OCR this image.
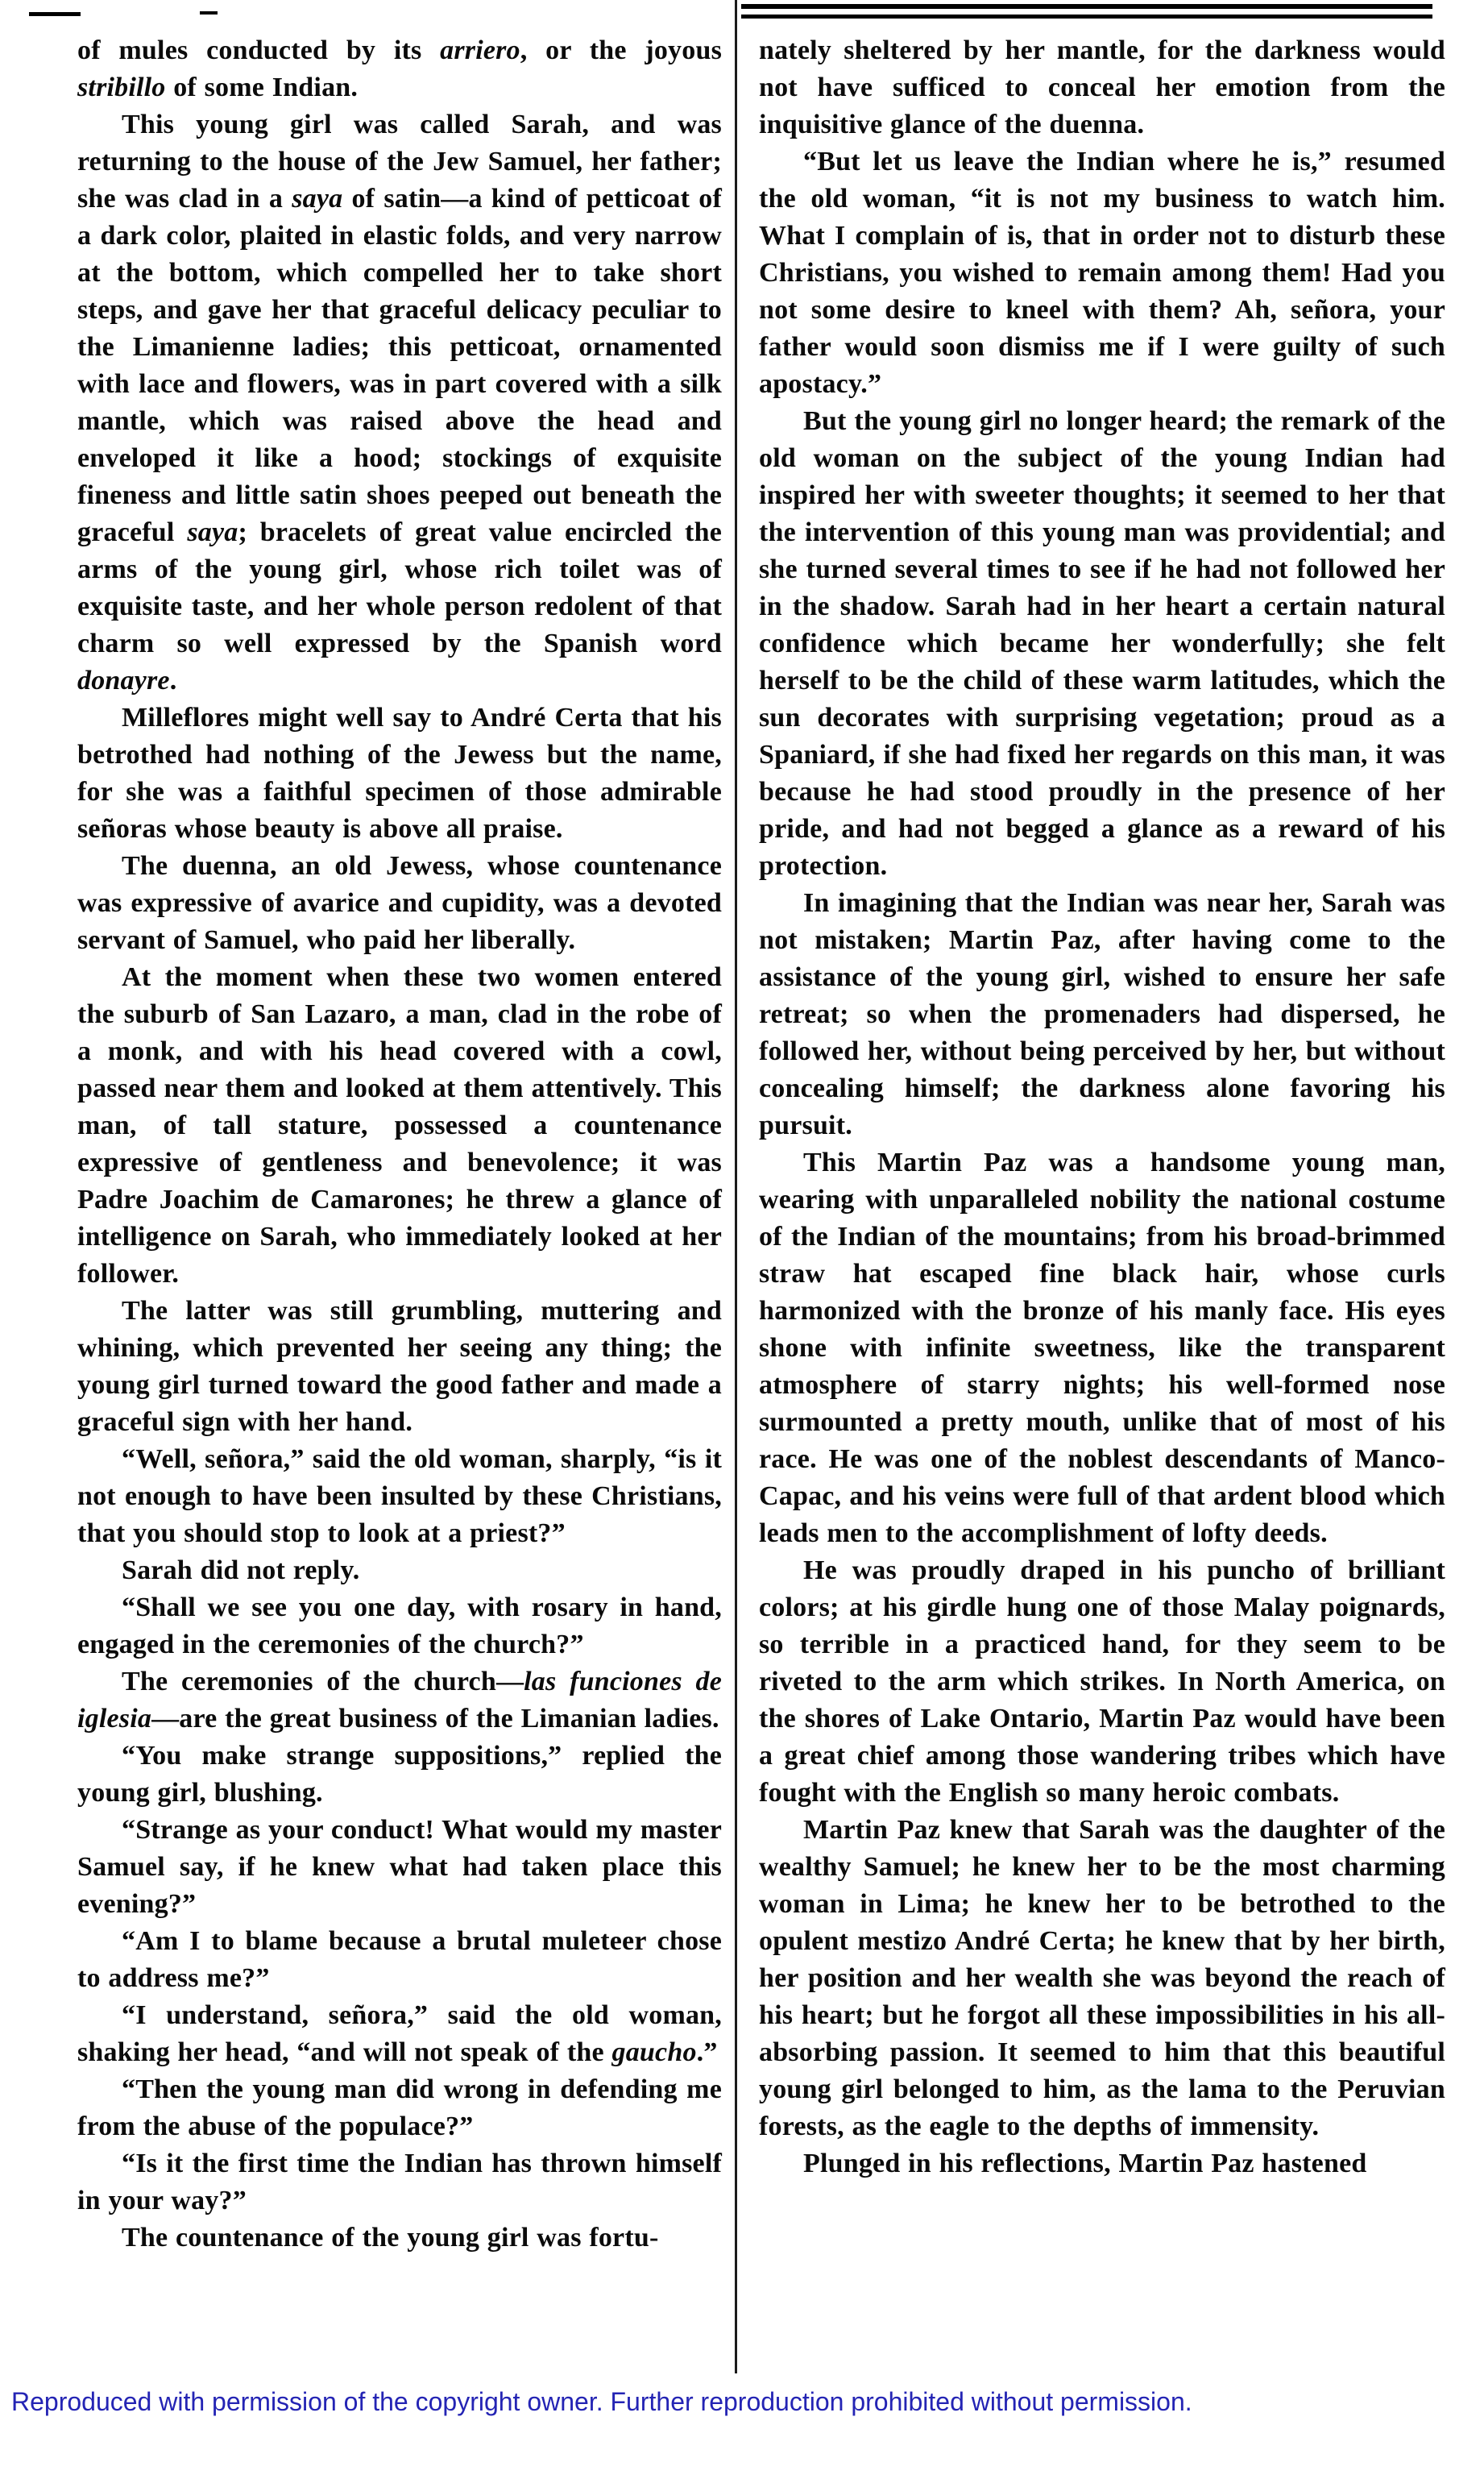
of mules conducted by its arriero, or the joyous stribillo of some Indian.

This young girl was called Sarah, and was returning to the house of the Jew Samuel, her father; she was clad in a saya of satin—a kind of petticoat of a dark color, plaited in elastic folds, and very narrow at the bottom, which compelled her to take short steps, and gave her that graceful delicacy peculiar to the Limanienne ladies; this petticoat, ornamented with lace and flowers, was in part covered with a silk mantle, which was raised above the head and enveloped it like a hood; stockings of exquisite fineness and little satin shoes peeped out beneath the graceful saya; bracelets of great value encircled the arms of the young girl, whose rich toilet was of exquisite taste, and her whole person redolent of that charm so well expressed by the Spanish word donayre.

Milleflores might well say to André Certa that his betrothed had nothing of the Jewess but the name, for she was a faithful specimen of those admirable señoras whose beauty is above all praise.

The duenna, an old Jewess, whose countenance was expressive of avarice and cupidity, was a devoted servant of Samuel, who paid her liberally.

At the moment when these two women entered the suburb of San Lazaro, a man, clad in the robe of a monk, and with his head covered with a cowl, passed near them and looked at them attentively. This man, of tall stature, possessed a countenance expressive of gentleness and benevolence; it was Padre Joachim de Camarones; he threw a glance of intelligence on Sarah, who immediately looked at her follower.

The latter was still grumbling, muttering and whining, which prevented her seeing any thing; the young girl turned toward the good father and made a graceful sign with her hand.

“Well, señora,” said the old woman, sharply, “is it not enough to have been insulted by these Christians, that you should stop to look at a priest?”

Sarah did not reply.

“Shall we see you one day, with rosary in hand, engaged in the ceremonies of the church?”

The ceremonies of the church—las funciones de iglesia—are the great business of the Limanian ladies.

“You make strange suppositions,” replied the young girl, blushing.

“Strange as your conduct! What would my master Samuel say, if he knew what had taken place this evening?”

“Am I to blame because a brutal muleteer chose to address me?”

“I understand, señora,” said the old woman, shaking her head, “and will not speak of the gaucho.”

“Then the young man did wrong in defending me from the abuse of the populace?”

“Is it the first time the Indian has thrown himself in your way?”

The countenance of the young girl was fortu-

nately sheltered by her mantle, for the darkness would not have sufficed to conceal her emotion from the inquisitive glance of the duenna.

“But let us leave the Indian where he is,” resumed the old woman, “it is not my business to watch him. What I complain of is, that in order not to disturb these Christians, you wished to remain among them! Had you not some desire to kneel with them? Ah, señora, your father would soon dismiss me if I were guilty of such apostacy.”

But the young girl no longer heard; the remark of the old woman on the subject of the young Indian had inspired her with sweeter thoughts; it seemed to her that the intervention of this young man was providential; and she turned several times to see if he had not followed her in the shadow. Sarah had in her heart a certain natural confidence which became her wonderfully; she felt herself to be the child of these warm latitudes, which the sun decorates with surprising vegetation; proud as a Spaniard, if she had fixed her regards on this man, it was because he had stood proudly in the presence of her pride, and had not begged a glance as a reward of his protection.

In imagining that the Indian was near her, Sarah was not mistaken; Martin Paz, after having come to the assistance of the young girl, wished to ensure her safe retreat; so when the promenaders had dispersed, he followed her, without being perceived by her, but without concealing himself; the darkness alone favoring his pursuit.

This Martin Paz was a handsome young man, wearing with unparalleled nobility the national costume of the Indian of the mountains; from his broad-brimmed straw hat escaped fine black hair, whose curls harmonized with the bronze of his manly face. His eyes shone with infinite sweetness, like the transparent atmosphere of starry nights; his well-formed nose surmounted a pretty mouth, unlike that of most of his race. He was one of the noblest descendants of Manco-Capac, and his veins were full of that ardent blood which leads men to the accomplishment of lofty deeds.

He was proudly draped in his puncho of brilliant colors; at his girdle hung one of those Malay poignards, so terrible in a practiced hand, for they seem to be riveted to the arm which strikes. In North America, on the shores of Lake Ontario, Martin Paz would have been a great chief among those wandering tribes which have fought with the English so many heroic combats.

Martin Paz knew that Sarah was the daughter of the wealthy Samuel; he knew her to be the most charming woman in Lima; he knew her to be betrothed to the opulent mestizo André Certa; he knew that by her birth, her position and her wealth she was beyond the reach of his heart; but he forgot all these impossibilities in his all-absorbing passion. It seemed to him that this beautiful young girl belonged to him, as the lama to the Peruvian forests, as the eagle to the depths of immensity.

Plunged in his reflections, Martin Paz hastened

Reproduced with permission of the copyright owner. Further reproduction prohibited without permission.
